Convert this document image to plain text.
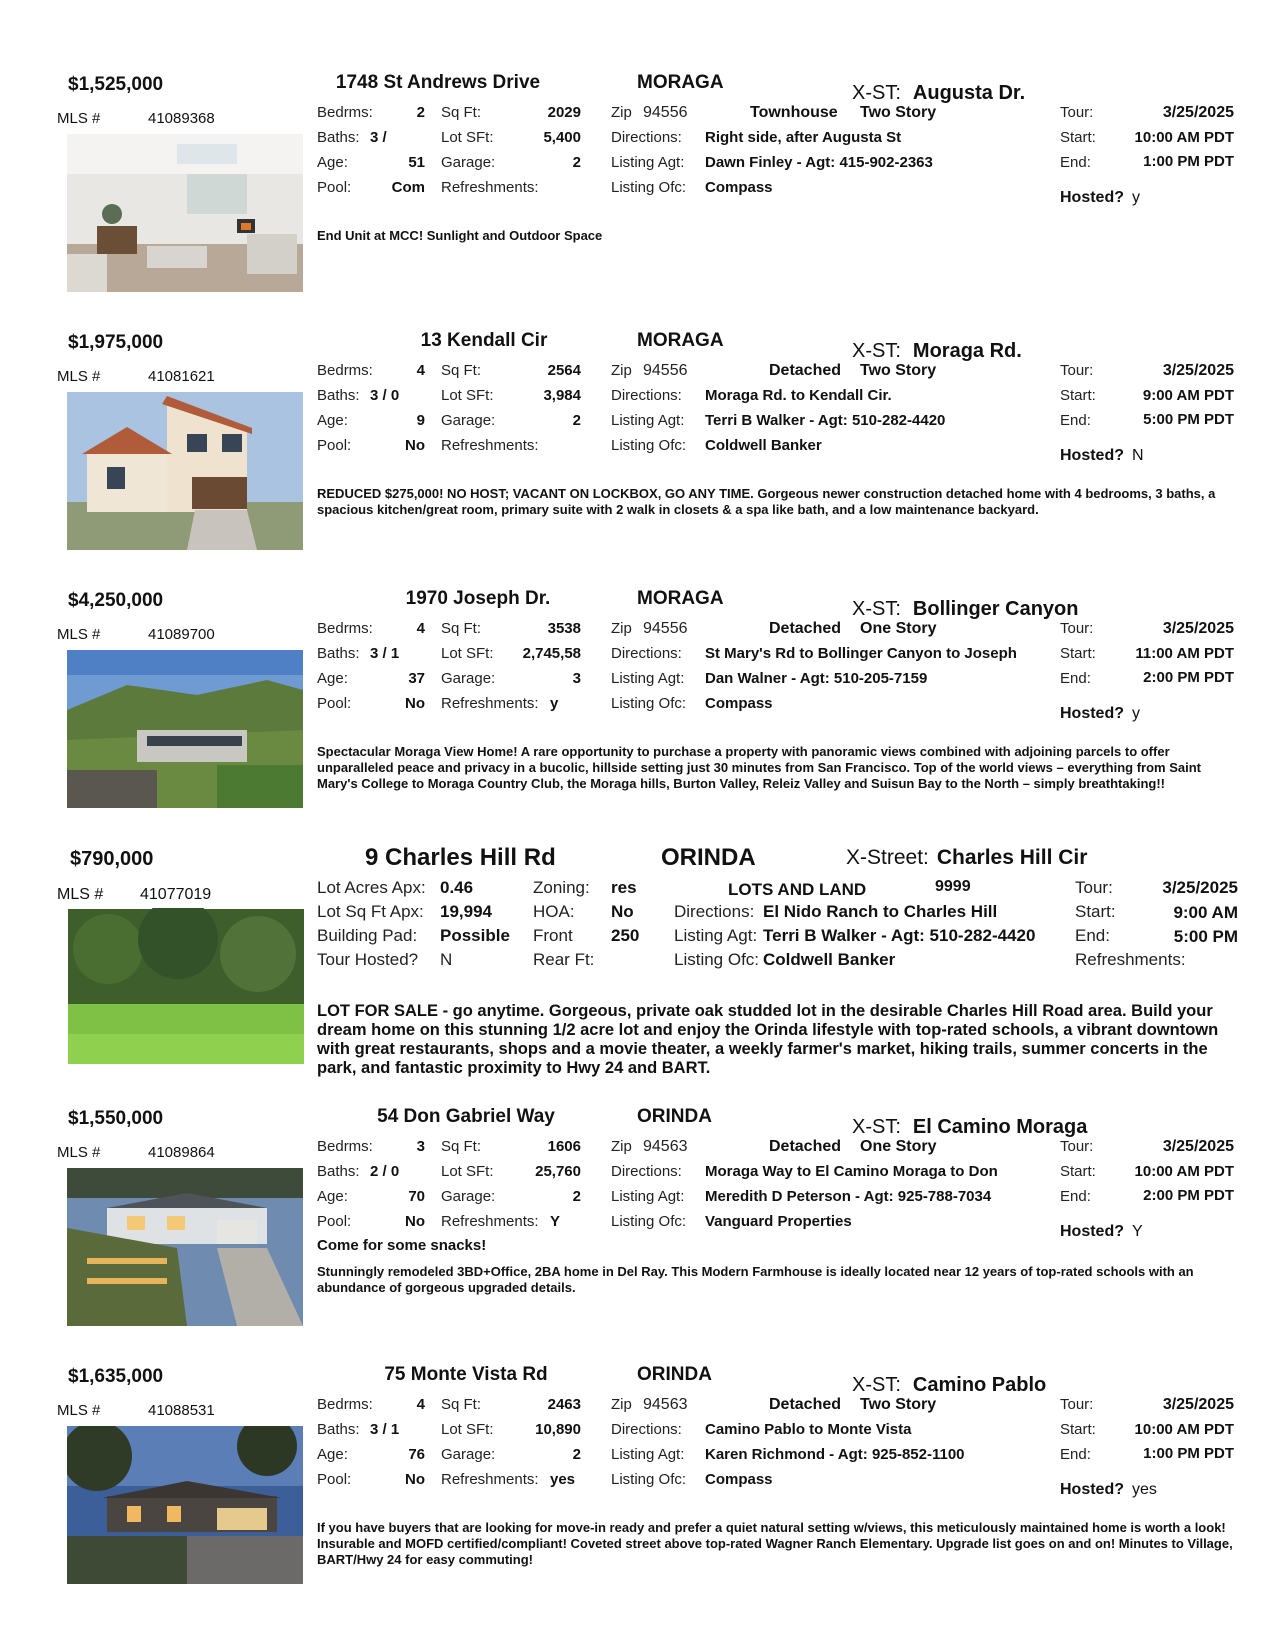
$1,525,000
MLS #	41089368
1748 St Andrews Drive	MORAGA	X-ST: Augusta Dr.
Bedrms:	2 Sq Ft:	2029
Baths: 3 /	Lot SFt:	5,400
Age:	51 Garage:	2
Pool:	Com Refreshments:
Zip 94556	Townhouse Two Story
Directions: Right side, after Augusta St
Listing Agt: Dawn Finley - Agt: 415-902-2363
Listing Ofc: Compass
Tour:	3/25/2025
Start:	10:00 AM PDT
End:	1:00 PM PDT
Hosted? y
End Unit at MCC! Sunlight and Outdoor Space
$1,975,000
MLS #	41081621
13 Kendall Cir	MORAGA	X-ST: Moraga Rd.
Bedrms:	4 Sq Ft:	2564
Baths: 3 / 0	Lot SFt:	3,984
Age:	9 Garage:	2
Pool:	No Refreshments:
Zip 94556	Detached Two Story
Directions: Moraga Rd. to Kendall Cir.
Listing Agt: Terri B Walker - Agt: 510-282-4420
Listing Ofc: Coldwell Banker
Tour:	3/25/2025
Start:	9:00 AM PDT
End:	5:00 PM PDT
Hosted? N
REDUCED $275,000! NO HOST; VACANT ON LOCKBOX, GO ANY TIME. Gorgeous newer construction detached home with 4 bedrooms, 3 baths, a spacious kitchen/great room, primary suite with 2 walk in closets & a spa like bath, and a low maintenance backyard.
$4,250,000
MLS #	41089700
1970 Joseph Dr.	MORAGA	X-ST: Bollinger Canyon
Bedrms:	4 Sq Ft:	3538
Baths: 3 / 1	Lot SFt:	2,745,58
Age:	37 Garage:	3
Pool:	No Refreshments: y
Zip 94556	Detached One Story
Directions: St Mary's Rd to Bollinger Canyon to Joseph
Listing Agt: Dan Walner - Agt: 510-205-7159
Listing Ofc: Compass
Tour:	3/25/2025
Start:	11:00 AM PDT
End:	2:00 PM PDT
Hosted? y
Spectacular Moraga View Home! A rare opportunity to purchase a property with panoramic views combined with adjoining parcels to offer unparalleled peace and privacy in a bucolic, hillside setting just 30 minutes from San Francisco. Top of the world views – everything from Saint Mary's College to Moraga Country Club, the Moraga hills, Burton Valley, Releiz Valley and Suisun Bay to the North – simply breathtaking!!
$790,000
MLS # 41077019
9 Charles Hill Rd	ORINDA	X-Street: Charles Hill Cir
Lot Acres Apx: 0.46	Zoning: res
Lot Sq Ft Apx: 19,994 HOA: No
Building Pad: Possible Front 250
Tour Hosted? N	Rear Ft:
LOTS AND LAND	9999
Directions: El Nido Ranch to Charles Hill
Listing Agt: Terri B Walker - Agt: 510-282-4420
Listing Ofc: Coldwell Banker
Tour:	3/25/2025
Start:	9:00 AM
End:	5:00 PM
Refreshments:
LOT FOR SALE - go anytime. Gorgeous, private oak studded lot in the desirable Charles Hill Road area. Build your dream home on this stunning 1/2 acre lot and enjoy the Orinda lifestyle with top-rated schools, a vibrant downtown with great restaurants, shops and a movie theater, a weekly farmer's market, hiking trails, summer concerts in the park, and fantastic proximity to Hwy 24 and BART.
$1,550,000
MLS #	41089864
54 Don Gabriel Way	ORINDA	X-ST: El Camino Moraga
Bedrms:	3 Sq Ft:	1606
Baths: 2 / 0	Lot SFt:	25,760
Age:	70 Garage:	2
Pool:	No Refreshments: Y
Come for some snacks!
Zip 94563	Detached One Story
Directions: Moraga Way to El Camino Moraga to Don
Listing Agt: Meredith D Peterson - Agt: 925-788-7034
Listing Ofc: Vanguard Properties
Tour:	3/25/2025
Start:	10:00 AM PDT
End:	2:00 PM PDT
Hosted? Y
Stunningly remodeled 3BD+Office, 2BA home in Del Ray. This Modern Farmhouse is ideally located near 12 years of top-rated schools with an abundance of gorgeous upgraded details.
$1,635,000
MLS #	41088531
75 Monte Vista Rd	ORINDA	X-ST: Camino Pablo
Bedrms:	4 Sq Ft:	2463
Baths: 3 / 1	Lot SFt:	10,890
Age:	76 Garage:	2
Pool:	No Refreshments: yes
Zip 94563	Detached Two Story
Directions: Camino Pablo to Monte Vista
Listing Agt: Karen Richmond - Agt: 925-852-1100
Listing Ofc: Compass
Tour:	3/25/2025
Start:	10:00 AM PDT
End:	1:00 PM PDT
Hosted? yes
If you have buyers that are looking for move-in ready and prefer a quiet natural setting w/views, this meticulously maintained home is worth a look! Insurable and MOFD certified/compliant! Coveted street above top-rated Wagner Ranch Elementary. Upgrade list goes on and on! Minutes to Village, BART/Hwy 24 for easy commuting!
